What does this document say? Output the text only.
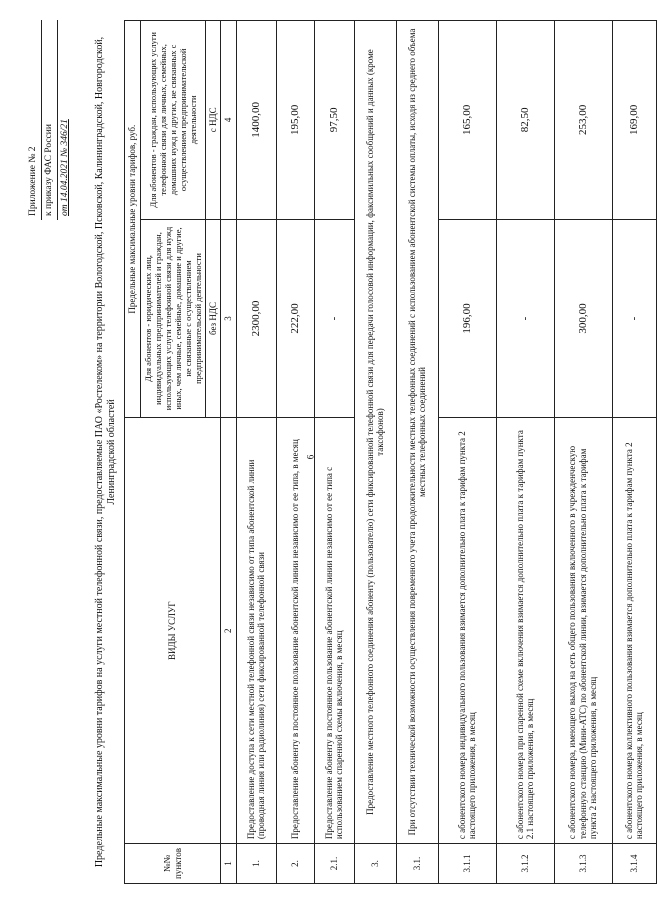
6
Приложение № 2 к приказу ФАС России от 14.04.2021 № 346/21	Предельные максимальные уровни тарифов на услуги местной телефонной связи, предоставляемые ПАО «Ростелеком» на территории Вологодской, Псковской, Калининградской, Новгородской, Ленинградской областей
№№ пунктов	ВИДЫ УСЛУГ	Предельные максимальные уровни тарифов, руб.	
		Для абонентов - юридических лиц, индивидуальных предпринимателей и граждан, использующих услуги телефонной связи для нужд иных, чем личные, семейные, домашние и другие, не связанные с осуществлением предпринимательской деятельности	Для абонентов - граждан, использующих услуги телефонной связи для личных, семейных, домашних нужд и других, не связанных с осуществлением предпринимательской деятельности
		без НДС	с НДС
1	2	3	4
1.	Предоставление доступа к сети местной телефонной связи независимо от типа абонентской линии (проводная линия или радиолиния) сети фиксированной телефонной связи	2300,00	1400,00
2.	Предоставление абоненту в постоянное пользование абонентской линии независимо от ее типа, в месяц	222,00	195,00
2.1.	Предоставление абоненту в постоянное пользование абонентской линии независимо от ее типа с использованием спаренной схемы включения, в месяц	-	97,50
3.	Предоставление местного телефонного соединения абоненту (пользователю) сети фиксированной телефонной связи для передачи голосовой информации, факсимильных сообщений и данных (кроме таксофонов)		
3.1.	При отсутствии технической возможности осуществления повременного учета продолжительности местных телефонных соединений с использованием абонентской системы оплаты, исходя из среднего объема местных телефонных соединений		
3.1.1	с абонентского номера индивидуального пользования взимается дополнительно плата к тарифам пункта 2 настоящего приложения, в месяц	196,00	165,00
3.1.2	с абонентского номера при спаренной схеме включения взимается дополнительно плата к тарифам пункта 2.1 настоящего приложения, в месяц	-	82,50
3.1.3	с абонентского номера, имеющего выход на сеть общего пользования включенного в учрежденческую телефонную станцию (Мини-АТС) по абонентской линии, взимается дополнительно плата к тарифам пункта 2 настоящего приложения, в месяц	300,00	253,00
3.1.4	с абонентского номера коллективного пользования взимается дополнительно плата к тарифам пункта 2 настоящего приложения, в месяц	-	169,00
